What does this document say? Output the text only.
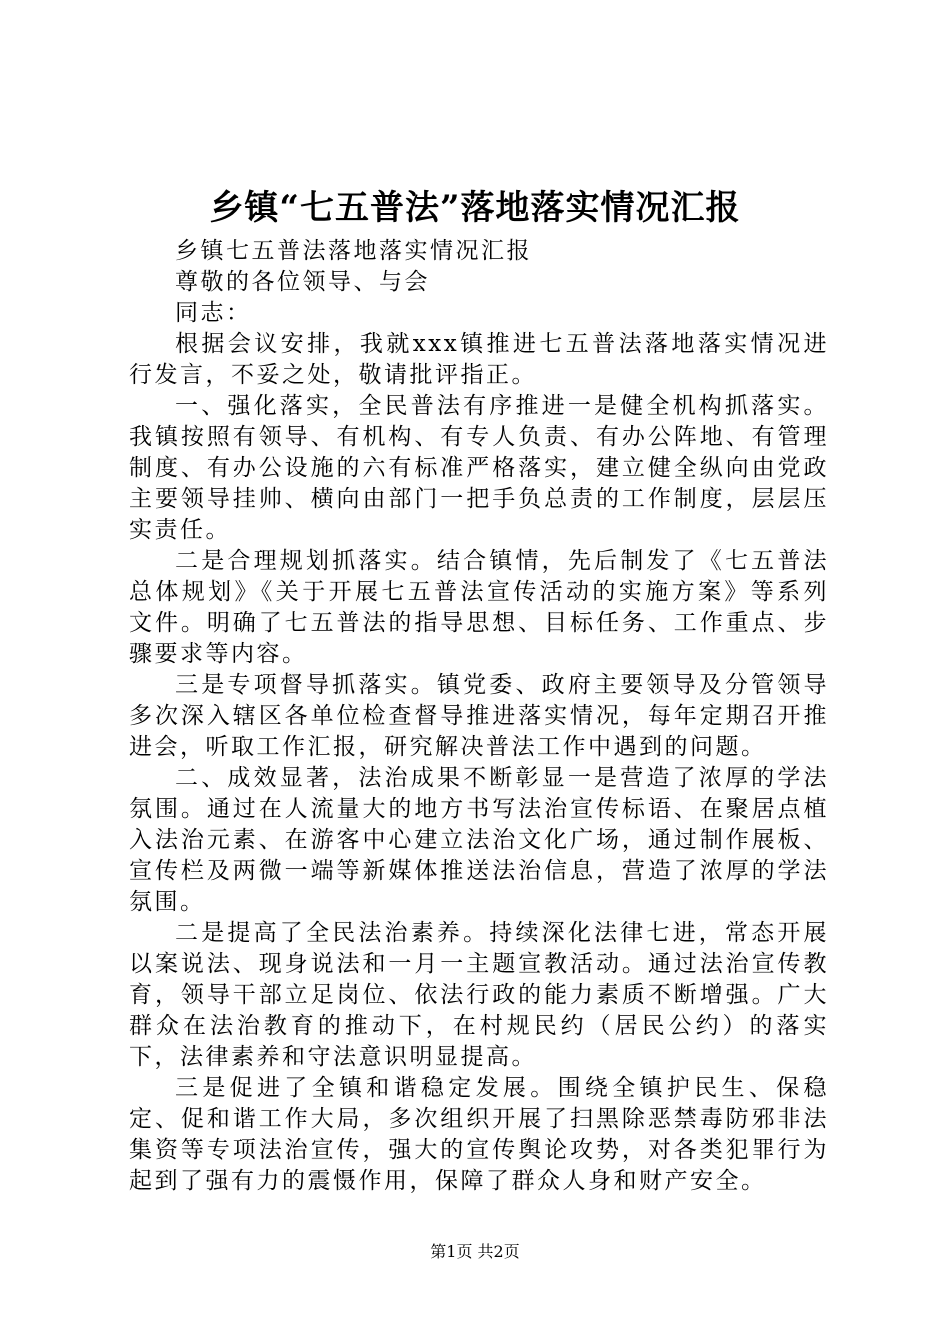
乡镇“七五普法”落地落实情况汇报

乡镇七五普法落地落实情况汇报

尊敬的各位领导、与会

同志：

根据会议安排，我就xxx镇推进七五普法落地落实情况进行发言，不妥之处，敬请批评指正。

一、强化落实，全民普法有序推进一是健全机构抓落实。我镇按照有领导、有机构、有专人负责、有办公阵地、有管理制度、有办公设施的六有标准严格落实，建立健全纵向由党政主要领导挂帅、横向由部门一把手负总责的工作制度，层层压实责任。

二是合理规划抓落实。结合镇情，先后制发了《七五普法总体规划》《关于开展七五普法宣传活动的实施方案》等系列文件。明确了七五普法的指导思想、目标任务、工作重点、步骤要求等内容。

三是专项督导抓落实。镇党委、政府主要领导及分管领导多次深入辖区各单位检查督导推进落实情况，每年定期召开推进会，听取工作汇报，研究解决普法工作中遇到的问题。

二、成效显著，法治成果不断彰显一是营造了浓厚的学法氛围。通过在人流量大的地方书写法治宣传标语、在聚居点植入法治元素、在游客中心建立法治文化广场，通过制作展板、宣传栏及两微一端等新媒体推送法治信息，营造了浓厚的学法氛围。

二是提高了全民法治素养。持续深化法律七进，常态开展以案说法、现身说法和一月一主题宣教活动。通过法治宣传教育，领导干部立足岗位、依法行政的能力素质不断增强。广大群众在法治教育的推动下，在村规民约（居民公约）的落实下，法律素养和守法意识明显提高。

三是促进了全镇和谐稳定发展。围绕全镇护民生、保稳定、促和谐工作大局，多次组织开展了扫黑除恶禁毒防邪非法集资等专项法治宣传，强大的宣传舆论攻势，对各类犯罪行为起到了强有力的震慑作用，保障了群众人身和财产安全。

第1页 共2页
